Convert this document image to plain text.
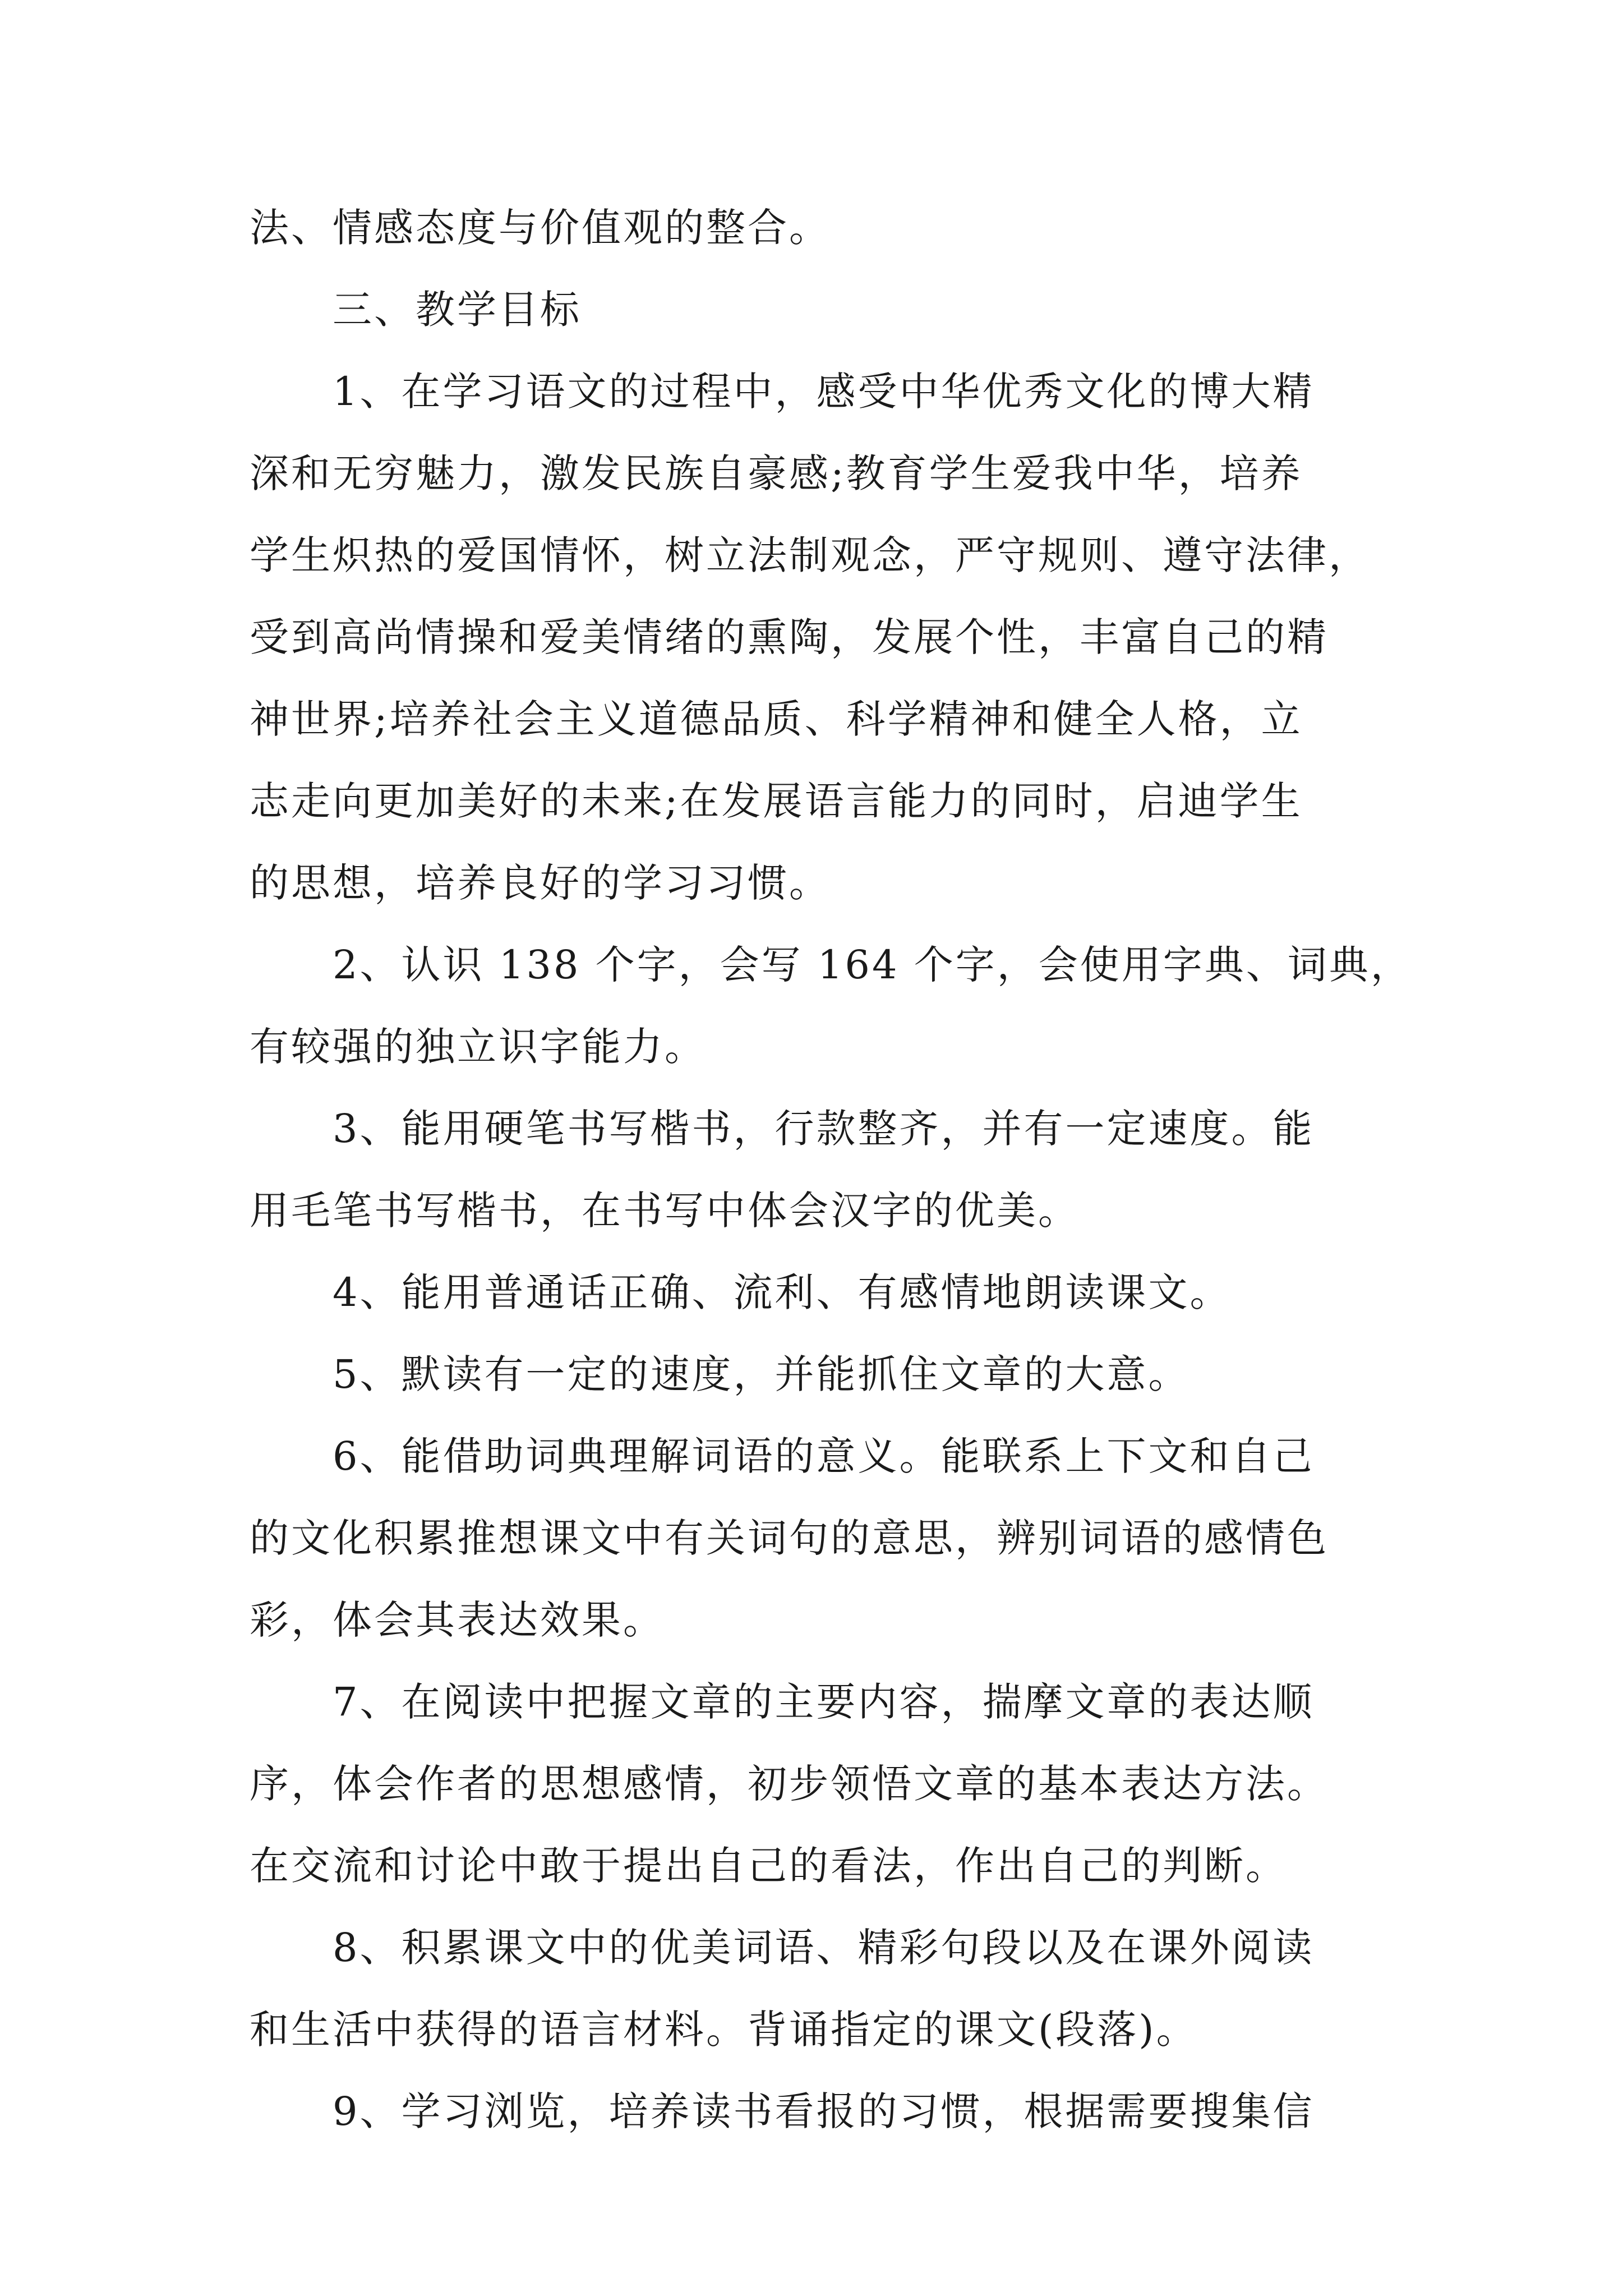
法、情感态度与价值观的整合。
三、教学目标
1、在学习语文的过程中，感受中华优秀文化的博大精
深和无穷魅力，激发民族自豪感;教育学生爱我中华，培养
学生炽热的爱国情怀，树立法制观念，严守规则、遵守法律，
受到高尚情操和爱美情绪的熏陶，发展个性，丰富自己的精
神世界;培养社会主义道德品质、科学精神和健全人格，立
志走向更加美好的未来;在发展语言能力的同时，启迪学生
的思想，培养良好的学习习惯。
2、认识 138 个字，会写 164 个字，会使用字典、词典，
有较强的独立识字能力。
3、能用硬笔书写楷书，行款整齐，并有一定速度。能
用毛笔书写楷书，在书写中体会汉字的优美。
4、能用普通话正确、流利、有感情地朗读课文。
5、默读有一定的速度，并能抓住文章的大意。
6、能借助词典理解词语的意义。能联系上下文和自己
的文化积累推想课文中有关词句的意思，辨别词语的感情色
彩，体会其表达效果。
7、在阅读中把握文章的主要内容，揣摩文章的表达顺
序，体会作者的思想感情，初步领悟文章的基本表达方法。
在交流和讨论中敢于提出自己的看法，作出自己的判断。
8、积累课文中的优美词语、精彩句段以及在课外阅读
和生活中获得的语言材料。背诵指定的课文(段落)。
9、学习浏览，培养读书看报的习惯，根据需要搜集信
